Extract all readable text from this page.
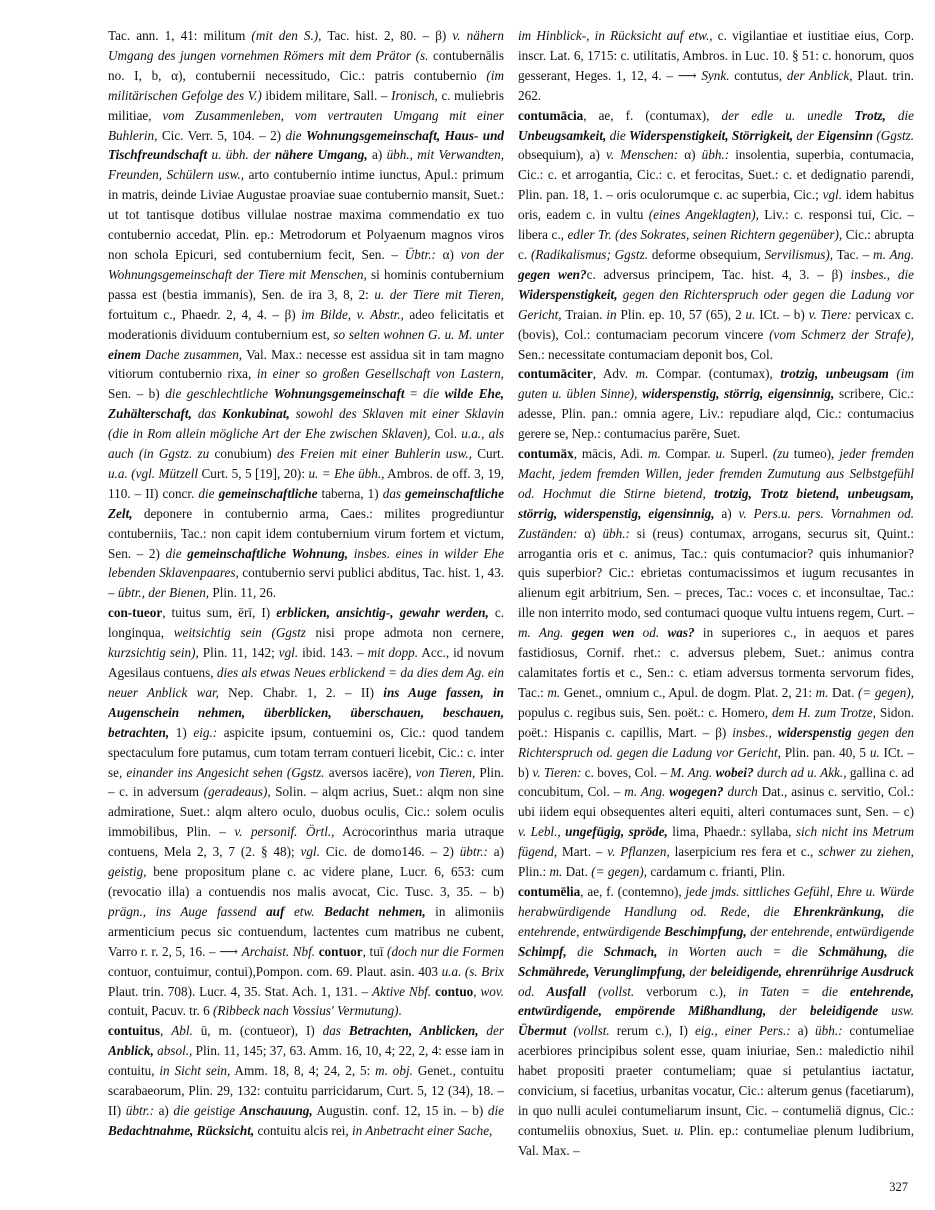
Tac. ann. 1, 41: militum (mit den S.), Tac. hist. 2, 80. – β) v. nähern Umgang des jungen vornehmen Römers mit dem Prätor (s. contubernālis no. I, b, α), contubernii necessitudo, Cic.: patris contubernio (im militärischen Gefolge des V.) ibidem militare, Sall. – Ironisch, c. muliebris militiae, vom Zusammenleben, vom vertrauten Umgang mit einer Buhlerin, Cic. Verr. 5, 104. – 2) die Wohnungsgemeinschaft, Haus- und Tischfreundschaft u. übh. der nähere Umgang, a) übh., mit Verwandten, Freunden, Schülern usw., arto contubernio intime iunctus, Apul.: primum in matris, deinde Liviae Augustae proaviae suae contubernio mansit, Suet.: ut tot tantisque dotibus villulae nostrae maxima commendatio ex tuo contubernio accedat, Plin. ep.: Metrodorum et Polyaenum magnos viros non schola Epicuri, sed contubernium fecit, Sen. – Übtr.: α) von der Wohnungsgemeinschaft der Tiere mit Menschen, si hominis contubernium passa est (bestia immanis), Sen. de ira 3, 8, 2: u. der Tiere mit Tieren, fortuitum c., Phaedr. 2, 4, 4. – β) im Bilde, v. Abstr., adeo felicitatis et moderationis dividuum contubernium est, so selten wohnen G. u. M. unter einem Dache zusammen, Val. Max.: necesse est assidua sit in tam magno vitiorum contubernio rixa, in einer so großen Gesellschaft von Lastern, Sen. – b) die geschlechtliche Wohnungsgemeinschaft = die wilde Ehe, Zuhälterschaft, das Konkubinat, sowohl des Sklaven mit einer Sklavin (die in Rom allein mögliche Art der Ehe zwischen Sklaven), Col. u.a., als auch (in Ggstz. zu conubium) des Freien mit einer Buhlerin usw., Curt. u.a. (vgl. Mützell Curt. 5, 5 [19], 20): u. = Ehe übh., Ambros. de off. 3, 19, 110. – II) concr. die gemeinschaftliche taberna, 1) das gemeinschaftliche Zelt, deponere in contubernio arma, Caes.: milites progrediuntur contuberniis, Tac.: non capit idem contubernium virum fortem et victum, Sen. – 2) die gemeinschaftliche Wohnung, insbes. eines in wilder Ehe lebenden Sklavenpaares, contubernio servi publici abditus, Tac. hist. 1, 43. – übtr., der Bienen, Plin. 11, 26.
con-tueor, tuitus sum, ērī, I) erblicken, ansichtig-, gewahr werden, c. longinqua, weitsichtig sein (Ggstz nisi prope admota non cernere, kurzsichtig sein), Plin. 11, 142; vgl. ibid. 143. – mit dopp. Acc., id novum Agesilaus contuens, dies als etwas Neues erblickend = da dies dem Ag. ein neuer Anblick war, Nep. Chabr. 1, 2. – II) ins Auge fassen, in Augenschein nehmen, überblicken, überschauen, beschauen, betrachten, 1) eig.: aspicite ipsum, contuemini os, Cic.: quod tandem spectaculum fore putamus, cum totam terram contueri licebit, Cic.: c. inter se, einander ins Angesicht sehen (Ggstz. aversos iacēre), von Tieren, Plin. – c. in adversum (geradeaus), Solin. – alqm acrius, Suet.: alqm non sine admiratione, Suet.: alqm altero oculo, duobus oculis, Cic.: solem oculis immobilibus, Plin. – v. personif. Örtl., Acrocorinthus maria utraque contuens, Mela 2, 3, 7 (2. § 48); vgl. Cic. de domo146. – 2) übtr.: a) geistig, bene propositum plane c. ac videre plane, Lucr. 6, 653: cum (revocatio illa) a contuendis nos malis avocat, Cic. Tusc. 3, 35. – b) prägn., ins Auge fassend auf etw. Bedacht nehmen, in alimoniis armenticium pecus sic contuendum, lactentes cum matribus ne cubent, Varro r. r. 2, 5, 16. – ⟶ Archaist. Nbf. contuor, tuī (doch nur die Formen contuor, contuimur, contui),Pompon. com. 69. Plaut. asin. 403 u.a. (s. Brix Plaut. trin. 708). Lucr. 4, 35. Stat. Ach. 1, 131. – Aktive Nbf. contuo, wov. contuit, Pacuv. tr. 6 (Ribbeck nach Vossius' Vermutung).
contuitus, Abl. ū, m. (contueor), I) das Betrachten, Anblicken, der Anblick, absol., Plin. 11, 145; 37, 63. Amm. 16, 10, 4; 22, 2, 4: esse iam in contuitu, in Sicht sein, Amm. 18, 8, 4; 24, 2, 5: m. obj. Genet., contuitu scarabaeorum, Plin. 29, 132: contuitu parricidarum, Curt. 5, 12 (34), 18. – II) übtr.: a) die geistige Anschauung, Augustin. conf. 12, 15 in. – b) die Bedachtnahme, Rücksicht, contuitu alcis rei, in Anbetracht einer Sache,

im Hinblick-, in Rücksicht auf etw., c. vigilantiae et iustitiae eius, Corp. inscr. Lat. 6, 1715: c. utilitatis, Ambros. in Luc. 10. § 51: c. honorum, quos gesserant, Heges. 1, 12, 4. – ⟶ Synk. contutus, der Anblick, Plaut. trin. 262.
contumācia, ae, f. (contumax), der edle u. unedle Trotz, die Unbeugsamkeit, die Widerspenstigkeit, Störrigkeit, der Eigensinn (Ggstz. obsequium), a) v. Menschen: α) übh.: insolentia, superbia, contumacia, Cic.: c. et arrogantia, Cic.: c. et ferocitas, Suet.: c. et dedignatio parendi, Plin. pan. 18, 1. – oris oculorumque c. ac superbia, Cic.; vgl. idem habitus oris, eadem c. in vultu (eines Angeklagten), Liv.: c. responsi tui, Cic. – libera c., edler Tr. (des Sokrates, seinen Richtern gegenüber), Cic.: abrupta c. (Radikalismus; Ggstz. deforme obsequium, Servilismus), Tac. – m. Ang. gegen wen?c. adversus principem, Tac. hist. 4, 3. – β) insbes., die Widerspenstigkeit, gegen den Richterspruch oder gegen die Ladung vor Gericht, Traian. in Plin. ep. 10, 57 (65), 2 u. ICt. – b) v. Tiere: pervicax c. (bovis), Col.: contumaciam pecorum vincere (vom Schmerz der Strafe), Sen.: necessitate contumaciam deponit bos, Col.
contumāciter, Adv. m. Compar. (contumax), trotzig, unbeugsam (im guten u. üblen Sinne), widerspenstig, störrig, eigensinnig, scribere, Cic.: adesse, Plin. pan.: omnia agere, Liv.: repudiare alqd, Cic.: contumacius gerere se, Nep.: contumacius parēre, Suet.
contumāx, mācis, Adi. m. Compar. u. Superl. (zu tumeo), jeder fremden Macht, jedem fremden Willen, jeder fremden Zumutung aus Selbstgefühl od. Hochmut die Stirne bietend, trotzig, Trotz bietend, unbeugsam, störrig, widerspenstig, eigensinnig, a) v. Pers.u. pers. Vornahmen od. Zuständen: α) übh.: si (reus) contumax, arrogans, securus sit, Quint.: arrogantia oris et c. animus, Tac.: quis contumacior? quis inhumanior? quis superbior? Cic.: ebrietas contumacissimos et iugum recusantes in alienum egit arbitrium, Sen. – preces, Tac.: voces c. et inconsultae, Tac.: ille non interrito modo, sed contumaci quoque vultu intuens regem, Curt. – m. Ang. gegen wen od. was? in superiores c., in aequos et pares fastidiosus, Cornif. rhet.: c. adversus plebem, Suet.: animus contra calamitates fortis et c., Sen.: c. etiam adversus tormenta servorum fides, Tac.: m. Genet., omnium c., Apul. de dogm. Plat. 2, 21: m. Dat. (= gegen), populus c. regibus suis, Sen. poët.: c. Homero, dem H. zum Trotze, Sidon. poët.: Hispanis c. capillis, Mart. – β) insbes., widerspenstig gegen den Richterspruch od. gegen die Ladung vor Gericht, Plin. pan. 40, 5 u. ICt. – b) v. Tieren: c. boves, Col. – M. Ang. wobei? durch ad u. Akk., gallina c. ad concubitum, Col. – m. Ang. wogegen? durch Dat., asinus c. servitio, Col.: ubi iidem equi obsequentes alteri equiti, alteri contumaces sunt, Sen. – c) v. Lebl., ungefügig, spröde, lima, Phaedr.: syllaba, sich nicht ins Metrum fügend, Mart. – v. Pflanzen, laserpicium res fera et c., schwer zu ziehen, Plin.: m. Dat. (= gegen), cardamum c. frianti, Plin.
contumēlia, ae, f. (contemno), jede jmds. sittliches Gefühl, Ehre u. Würde herabwürdigende Handlung od. Rede, die Ehrenkränkung, die entehrende, entwürdigende Beschimpfung, der entehrende, entwürdigende Schimpf, die Schmach, in Worten auch = die Schmähung, die Schmährede, Verunglimpfung, der beleidigende, ehrenrührige Ausdruck od. Ausfall (vollst. verborum c.), in Taten = die entehrende, entwürdigende, empörende Mißhandlung, der beleidigende usw. Übermut (vollst. rerum c.), I) eig., einer Pers.: a) übh.: contumeliae acerbiores principibus solent esse, quam iniuriae, Sen.: maledictio nihil habet propositi praeter contumeliam; quae si petulantius iactatur, convicium, si facetius, urbanitas vocatur, Cic.: alterum genus (facetiarum), in quo nulli aculei contumeliarum insunt, Cic. – contumeliā dignus, Cic.: contumeliis obnoxius, Suet. u. Plin. ep.: contumeliae plenum ludibrium, Val. Max. –

327
